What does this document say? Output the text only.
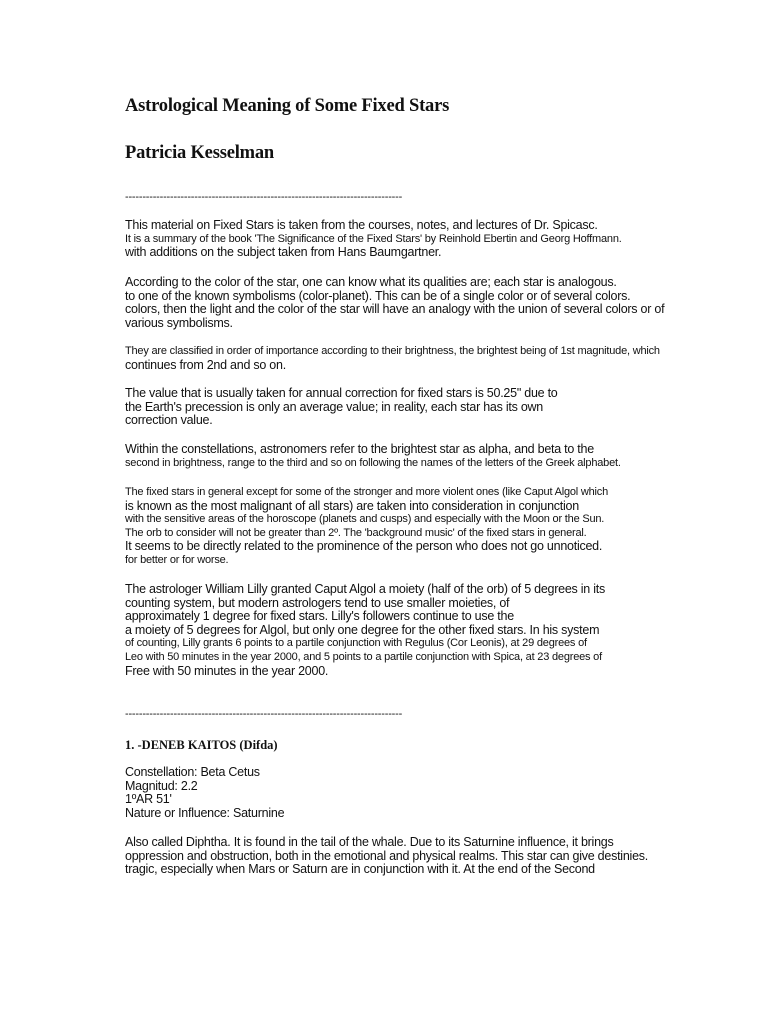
Astrological Meaning of Some Fixed Stars
Patricia Kesselman
--------------------------------------------------------------------------------
This material on Fixed Stars is taken from the courses, notes, and lectures of Dr. Spicasc.
It is a summary of the book 'The Significance of the Fixed Stars' by Reinhold Ebertin and Georg Hoffmann.
with additions on the subject taken from Hans Baumgartner.
According to the color of the star, one can know what its qualities are; each star is analogous.
to one of the known symbolisms (color-planet). This can be of a single color or of several colors.
colors, then the light and the color of the star will have an analogy with the union of several colors or of
various symbolisms.
They are classified in order of importance according to their brightness, the brightest being of 1st magnitude, which
continues from 2nd and so on.
The value that is usually taken for annual correction for fixed stars is 50.25" due to
the Earth's precession is only an average value; in reality, each star has its own
correction value.
Within the constellations, astronomers refer to the brightest star as alpha, and beta to the
second in brightness, range to the third and so on following the names of the letters of the Greek alphabet.
The fixed stars in general except for some of the stronger and more violent ones (like Caput Algol which
is known as the most malignant of all stars) are taken into consideration in conjunction
with the sensitive areas of the horoscope (planets and cusps) and especially with the Moon or the Sun.
The orb to consider will not be greater than 2º. The 'background music' of the fixed stars in general.
It seems to be directly related to the prominence of the person who does not go unnoticed.
for better or for worse.
The astrologer William Lilly granted Caput Algol a moiety (half of the orb) of 5 degrees in its
counting system, but modern astrologers tend to use smaller moieties, of
approximately 1 degree for fixed stars. Lilly's followers continue to use the
a moiety of 5 degrees for Algol, but only one degree for the other fixed stars. In his system
of counting, Lilly grants 6 points to a partile conjunction with Regulus (Cor Leonis), at 29 degrees of
Leo with 50 minutes in the year 2000, and 5 points to a partile conjunction with Spica, at 23 degrees of
Free with 50 minutes in the year 2000.
--------------------------------------------------------------------------------
1. -DENEB KAITOS (Difda)
Constellation: Beta Cetus
Magnitud: 2.2
1ºAR 51'
Nature or Influence: Saturnine
Also called Diphtha. It is found in the tail of the whale. Due to its Saturnine influence, it brings
oppression and obstruction, both in the emotional and physical realms. This star can give destinies.
tragic, especially when Mars or Saturn are in conjunction with it. At the end of the Second
